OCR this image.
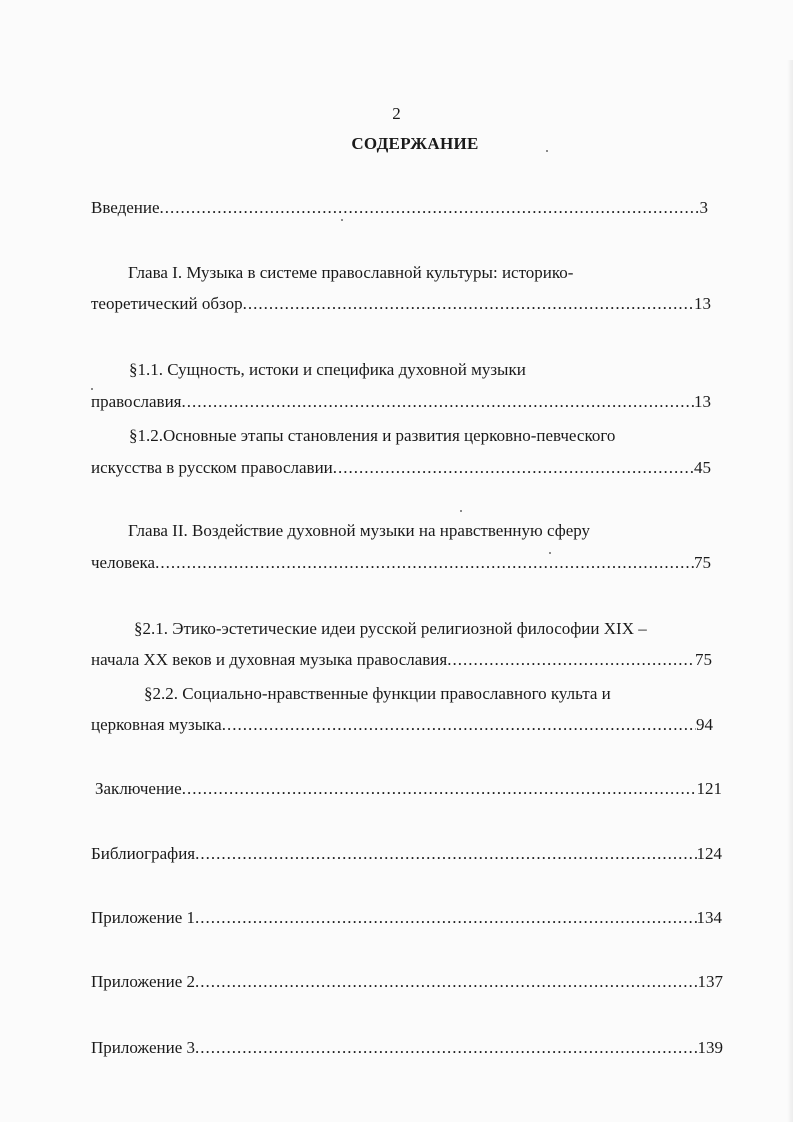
2
СОДЕРЖАНИЕ
Введение .....	3
Глава I. Музыка в системе православной культуры: историко-
теоретический обзор .....	13
§1.1. Сущность, истоки и специфика духовной музыки
православия .....	13
§1.2.Основные этапы становления и развития церковно-певческого
искусства в русском православии .....	45
Глава II. Воздействие духовной музыки на нравственную сферу
человека .....	75
§2.1. Этико-эстетические идеи русской религиозной философии XIX –
начала XX веков и духовная музыка православия .....	75
§2.2. Социально-нравственные функции православного культа и
церковная музыка .....	94
Заключение .....	121
Библиография .....	124
Приложение 1 .....	134
Приложение 2 .....	137
Приложение 3 .....	139
